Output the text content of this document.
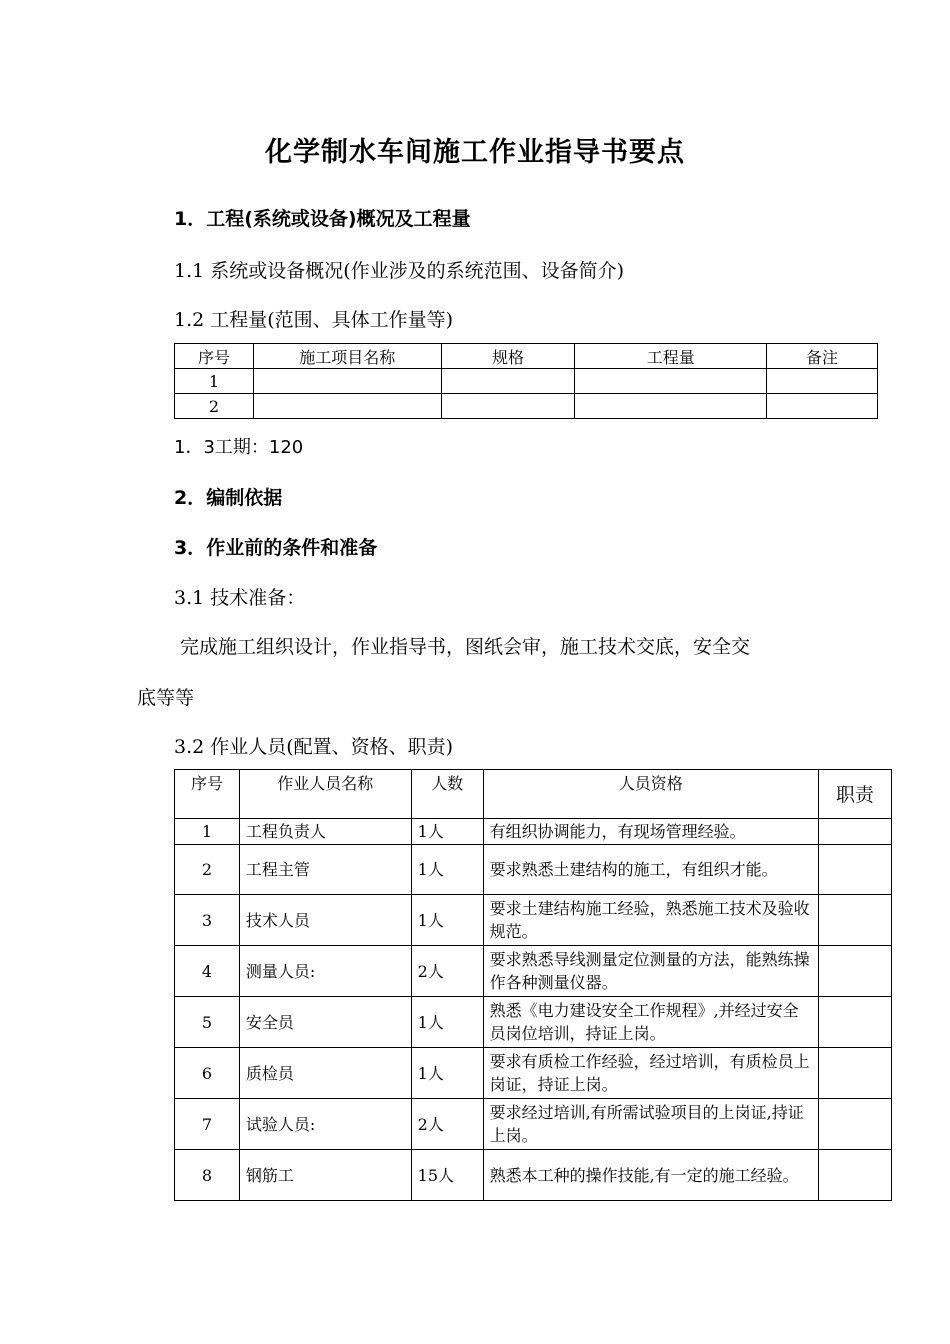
化学制水车间施工作业指导书要点
1．工程(系统或设备)概况及工程量
1.1 系统或设备概况(作业涉及的系统范围、设备简介)
1.2 工程量(范围、具体工作量等)
序号	施工项目名称	规格	工程量	备注
1				
2				
1．3工期：120
2．编制依据
3．作业前的条件和准备
3.1 技术准备：
完成施工组织设计，作业指导书，图纸会审，施工技术交底，安全交
底等等
3.2 作业人员(配置、资格、职责)
序号	作业人员名称	人数	人员资格	职责
1	工程负责人	1人	有组织协调能力，有现场管理经验。	
2	工程主管	1人	要求熟悉土建结构的施工，有组织才能。	
3	技术人员	1人	要求土建结构施工经验，熟悉施工技术及验收规范。	
4	测量人员:	2人	要求熟悉导线测量定位测量的方法，能熟练操作各种测量仪器。	
5	安全员	1人	熟悉《电力建设安全工作规程》,并经过安全员岗位培训，持证上岗。	
6	质检员	1人	要求有质检工作经验，经过培训，有质检员上岗证，持证上岗。	
7	试验人员:	2人	要求经过培训,有所需试验项目的上岗证,持证上岗。	
8	钢筋工	15人	熟悉本工种的操作技能,有一定的施工经验。	
